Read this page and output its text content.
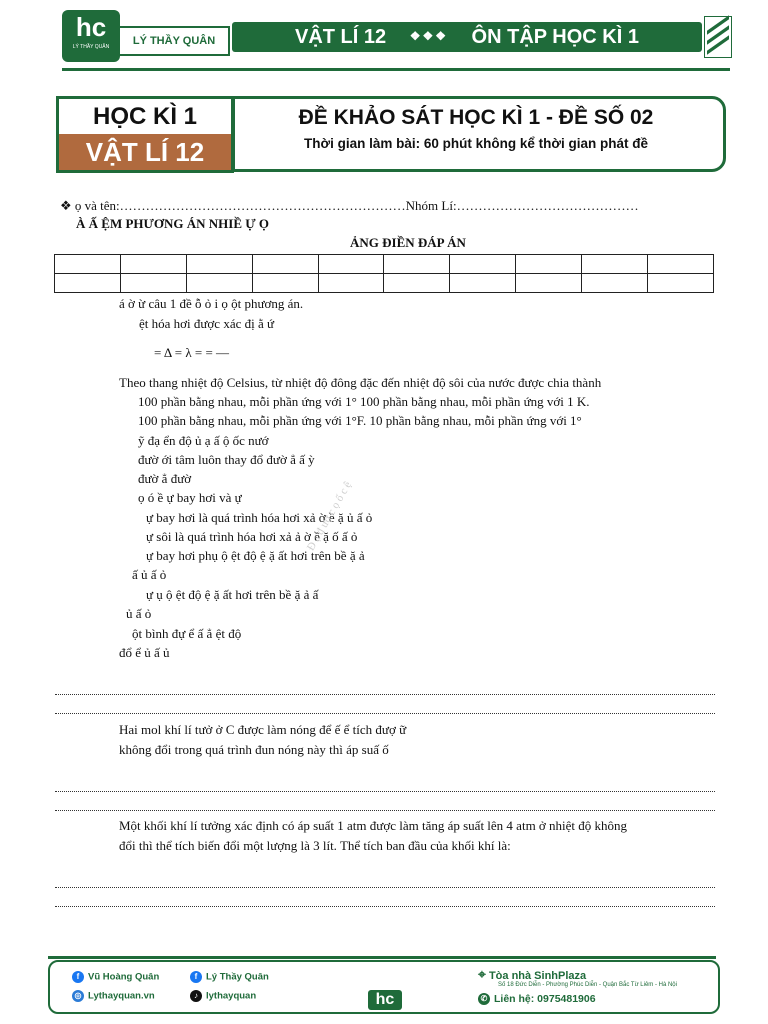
hc
LÝ THẦY QUÂN	LÝ THẦY QUÂN	VẬT LÍ 12 ❖❖❖ ÔN TẬP HỌC KÌ 1
HỌC KÌ 1
VẬT LÍ 12
ĐỀ KHẢO SÁT HỌC KÌ 1 - ĐỀ SỐ 02
Thời gian làm bài: 60 phút không kể thời gian phát đề
❖ ọ và tên:…………………………………………………………Nhóm Lí:……………………………………
À Ấ ỆM PHƯƠNG ÁN NHIỀ Ự Ọ
ẢNG ĐIỀN ĐÁP ÁN

á ờ ừ câu 1 đề ỗ ỏ i ọ ột phương án.
ệt hóa hơi được xác đị ằ ứ
= Δ = λ = = —
Theo thang nhiệt độ Celsius, từ nhiệt độ đông đặc đến nhiệt độ sôi của nước được chia thành
100 phần bằng nhau, mỗi phần ứng với 1° 100 phần bằng nhau, mỗi phần ứng với 1 K.
100 phần bằng nhau, mỗi phần ứng với 1°F. 10 phần bằng nhau, mỗi phần ứng với 1°
ỹ đạ ển độ ủ ạ ấ ộ ốc nướ
đườ ới tâm luôn thay đổ đườ ẳ ấ ỳ
đườ ẳ đườ
ọ ó ề ự bay hơi và ự
ự bay hơi là quá trình hóa hơi xả ờ ề ặ ủ ấ ỏ
ự sôi là quá trình hóa hơi xả ả ờ ề ặ ố ấ ỏ
ự bay hơi phụ ộ ệt độ ệ ặ ất hơi trên bề ặ ả
ấ ủ ấ ỏ
ự ụ ộ ệt độ ệ ặ ất hơi trên bề ặ ả ấ
ủ ấ ỏ
ột bình đự ể ấ ẳ ệt độ
đổ ể ủ ấ ủ
Hai mol khí lí tưở ở C được làm nóng để ế ể tích đượ ữ
không đổi trong quá trình đun nóng này thì áp suấ ố
Một khối khí lí tưởng xác định có áp suất 1 atm được làm tăng áp suất lên 4 atm ở nhiệt độ không
đổi thì thể tích biến đổi một lượng là 3 lít. Thể tích ban đầu của khối khí là:
Đ ạ đ ượ c ọ ố c ệ
f Vũ Hoàng Quân	f Lý Thầy Quân
◎ Lythayquan.vn	♪ lythayquan	hc
⌖ Tòa nhà SinhPlaza
Số 18 Đức Diễn - Phường Phúc Diễn - Quận Bắc Từ Liêm - Hà Nội
✆ Liên hệ: 0975481906
